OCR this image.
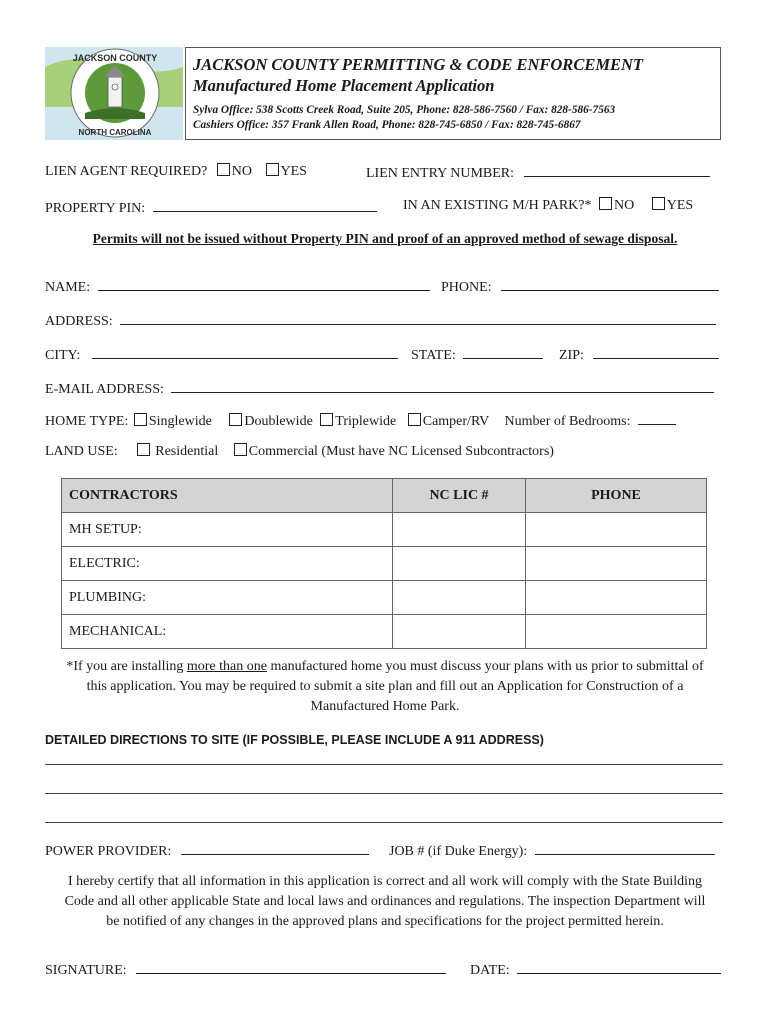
JACKSON COUNTY
NORTH CAROLINA
JACKSON COUNTY PERMITTING & CODE ENFORCEMENT
Manufactured Home Placement Application
Sylva Office: 538 Scotts Creek Road, Suite 205, Phone: 828-586-7560 / Fax: 828-586-7563
Cashiers Office: 357 Frank Allen Road, Phone: 828-745-6850 / Fax: 828-745-6867
LIEN AGENT REQUIRED? NO YES	LIEN ENTRY NUMBER:
PROPERTY PIN:	IN AN EXISTING M/H PARK?* NO YES
Permits will not be issued without Property PIN and proof of an approved method of sewage disposal.
NAME:	PHONE:
ADDRESS:
CITY:	STATE:	ZIP:
E-MAIL ADDRESS:
HOME TYPE: Singlewide Doublewide Triplewide Camper/RV Number of Bedrooms:
LAND USE:	Residential Commercial (Must have NC Licensed Subcontractors)
CONTRACTORS	NC LIC #	PHONE
MH SETUP:		
ELECTRIC:		
PLUMBING:		
MECHANICAL:		
*If you are installing more than one manufactured home you must discuss your plans with us prior to submittal of
this application. You may be required to submit a site plan and fill out an Application for Construction of a
Manufactured Home Park.
DETAILED DIRECTIONS TO SITE (IF POSSIBLE, PLEASE INCLUDE A 911 ADDRESS)
POWER PROVIDER:	JOB # (if Duke Energy):
I hereby certify that all information in this application is correct and all work will comply with the State Building
Code and all other applicable State and local laws and ordinances and regulations. The inspection Department will
be notified of any changes in the approved plans and specifications for the project permitted herein.
SIGNATURE:	DATE:
